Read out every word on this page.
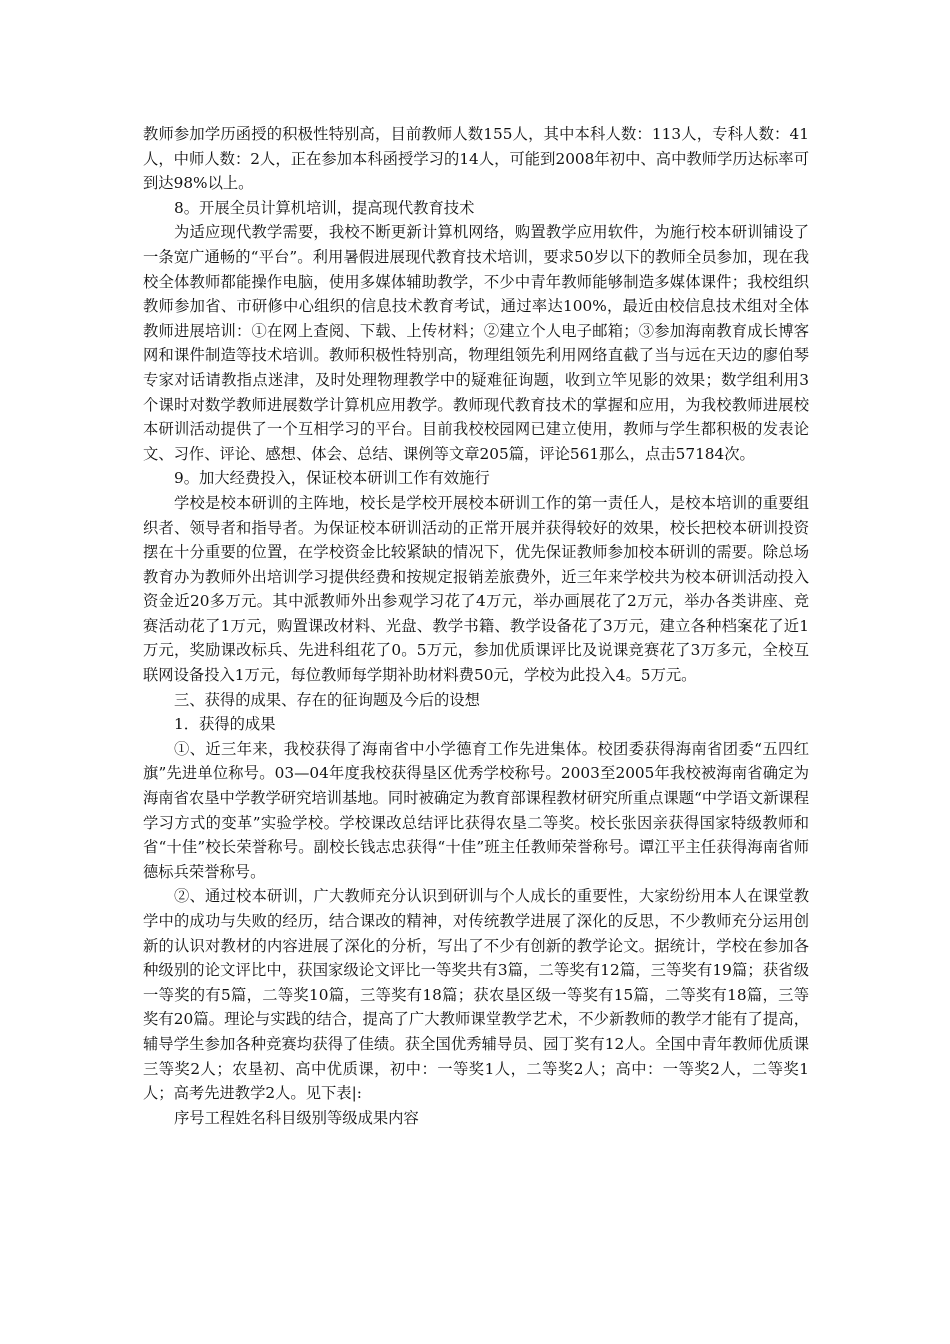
教师参加学历函授的积极性特别高，目前教师人数155人，其中本科人数：113人，专科人数：41人，中师人数：2人，正在参加本科函授学习的14人，可能到2008年初中、高中教师学历达标率可到达98%以上。

8。开展全员计算机培训，提高现代教育技术

为适应现代教学需要，我校不断更新计算机网络，购置教学应用软件，为施行校本研训铺设了一条宽广通畅的“平台”。利用暑假进展现代教育技术培训，要求50岁以下的教师全员参加，现在我校全体教师都能操作电脑，使用多媒体辅助教学，不少中青年教师能够制造多媒体课件；我校组织教师参加省、市研修中心组织的信息技术教育考试，通过率达100%，最近由校信息技术组对全体教师进展培训：①在网上查阅、下载、上传材料；②建立个人电子邮箱；③参加海南教育成长博客网和课件制造等技术培训。教师积极性特别高，物理组领先利用网络直截了当与远在天边的廖伯琴专家对话请教指点迷津，及时处理物理教学中的疑难征询题，收到立竿见影的效果；数学组利用3个课时对数学教师进展数学计算机应用教学。教师现代教育技术的掌握和应用，为我校教师进展校本研训活动提供了一个互相学习的平台。目前我校校园网已建立使用，教师与学生都积极的发表论文、习作、评论、感想、体会、总结、课例等文章205篇，评论561那么，点击57184次。

9。加大经费投入，保证校本研训工作有效施行

学校是校本研训的主阵地，校长是学校开展校本研训工作的第一责任人，是校本培训的重要组织者、领导者和指导者。为保证校本研训活动的正常开展并获得较好的效果，校长把校本研训投资摆在十分重要的位置，在学校资金比较紧缺的情况下，优先保证教师参加校本研训的需要。除总场教育办为教师外出培训学习提供经费和按规定报销差旅费外，近三年来学校共为校本研训活动投入资金近20多万元。其中派教师外出参观学习花了4万元，举办画展花了2万元，举办各类讲座、竞赛活动花了1万元，购置课改材料、光盘、教学书籍、教学设备花了3万元，建立各种档案花了近1万元，奖励课改标兵、先进科组花了0。5万元，参加优质课评比及说课竞赛花了3万多元，全校互联网设备投入1万元，每位教师每学期补助材料费50元，学校为此投入4。5万元。

三、获得的成果、存在的征询题及今后的设想

1．获得的成果

①、近三年来，我校获得了海南省中小学德育工作先进集体。校团委获得海南省团委“五四红旗”先进单位称号。03—04年度我校获得垦区优秀学校称号。2003至2005年我校被海南省确定为海南省农垦中学教学研究培训基地。同时被确定为教育部课程教材研究所重点课题“中学语文新课程学习方式的变革”实验学校。学校课改总结评比获得农垦二等奖。校长张因亲获得国家特级教师和省“十佳”校长荣誉称号。副校长钱志忠获得“十佳”班主任教师荣誉称号。谭江平主任获得海南省师德标兵荣誉称号。

②、通过校本研训，广大教师充分认识到研训与个人成长的重要性，大家纷纷用本人在课堂教学中的成功与失败的经历，结合课改的精神，对传统教学进展了深化的反思，不少教师充分运用创新的认识对教材的内容进展了深化的分析，写出了不少有创新的教学论文。据统计，学校在参加各种级别的论文评比中，获国家级论文评比一等奖共有3篇，二等奖有12篇，三等奖有19篇；获省级一等奖的有5篇，二等奖10篇，三等奖有18篇；获农垦区级一等奖有15篇，二等奖有18篇，三等奖有20篇。理论与实践的结合，提高了广大教师课堂教学艺术，不少新教师的教学才能有了提高，辅导学生参加各种竞赛均获得了佳绩。获全国优秀辅导员、园丁奖有12人。全国中青年教师优质课三等奖2人；农垦初、高中优质课，初中：一等奖1人，二等奖2人；高中：一等奖2人，二等奖1人；高考先进教学2人。见下表|:

序号工程姓名科目级别等级成果内容
